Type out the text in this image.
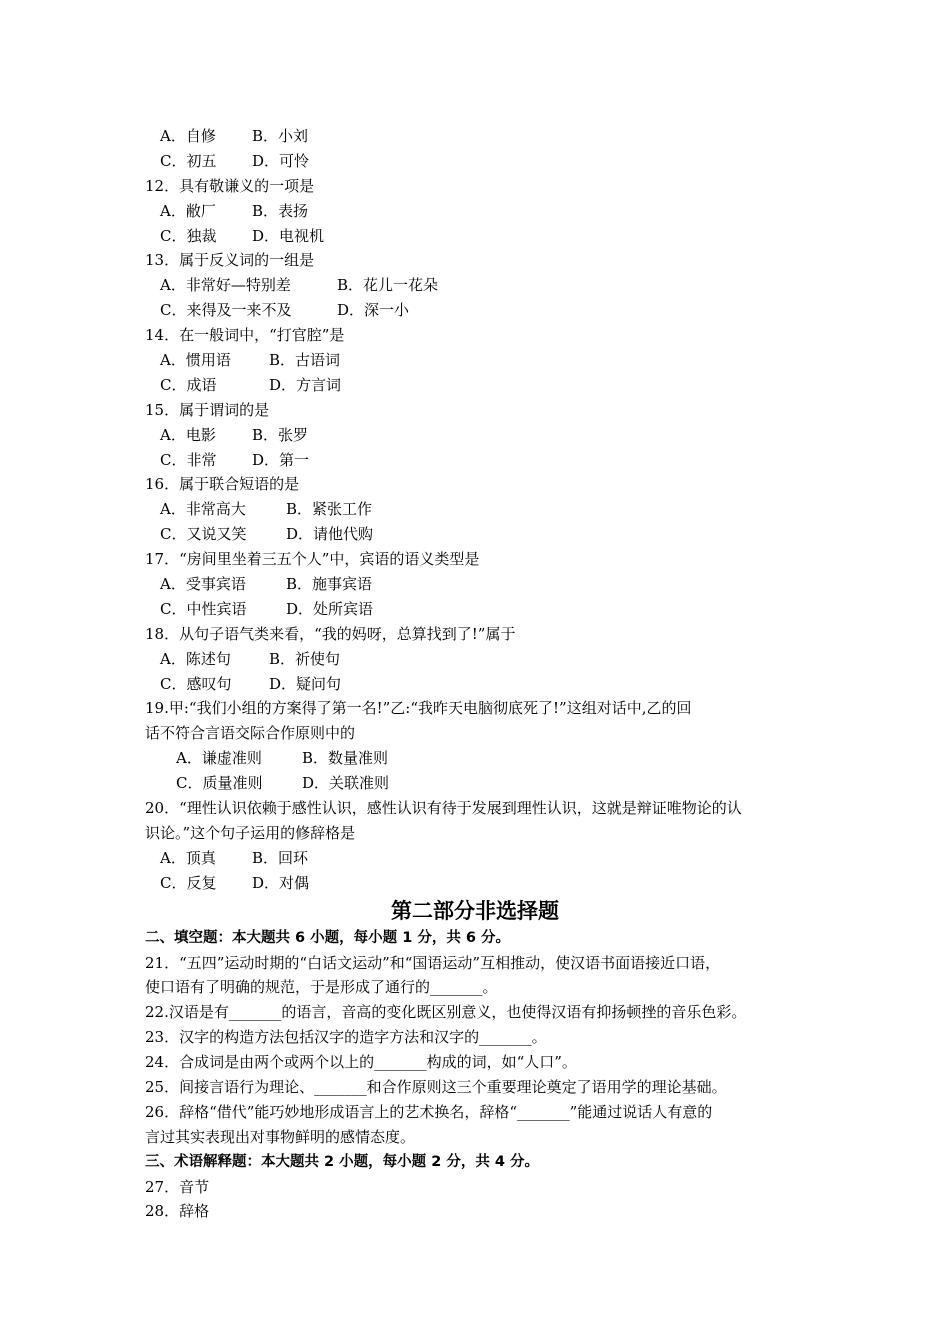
A．自修 B．小刘
C．初五 D．可怜
12．具有敬谦义的一项是
A．敝厂 B．表扬
C．独裁 D．电视机
13．属于反义词的一组是
A．非常好—特别差	B．花儿一花朵
C．来得及一来不及	D．深一小
14．在一般词中，“打官腔”是
A．惯用语	B．古语词
C．成语	D．方言词
15．属于谓词的是
A．电影 B．张罗
C．非常 D．第一
16．属于联合短语的是
A．非常高大	B．紧张工作
C．又说又笑	D．请他代购
17．“房间里坐着三五个人”中，宾语的语义类型是
A．受事宾语	B．施事宾语
C．中性宾语	D．处所宾语
18．从句子语气类来看，“我的妈呀，总算找到了!”属于
A．陈述句	B．祈使句
C．感叹句	D．疑问句
19.甲:“我们小组的方案得了第一名!”乙:“我昨天电脑彻底死了!”这组对话中,乙的回
话不符合言语交际合作原则中的
A．谦虚准则	B．数量准则
C．质量准则	D．关联准则
20．“理性认识依赖于感性认识，感性认识有待于发展到理性认识，这就是辩证唯物论的认
识论。”这个句子运用的修辞格是
A．顶真 B．回环
C．反复 D．对偶
第二部分非选择题
二、填空题：本大题共 6 小题，每小题 1 分，共 6 分。
21．“五四”运动时期的“白话文运动”和“国语运动”互相推动，使汉语书面语接近口语，
使口语有了明确的规范，于是形成了通行的_______。
22.汉语是有_______的语言，音高的变化既区别意义，也使得汉语有抑扬顿挫的音乐色彩。
23．汉字的构造方法包括汉字的造字方法和汉字的_______。
24．合成词是由两个或两个以上的_______构成的词，如“人口”。
25．间接言语行为理论、_______和合作原则这三个重要理论奠定了语用学的理论基础。
26．辞格“借代”能巧妙地形成语言上的艺术换名，辞格“_______”能通过说话人有意的
言过其实表现出对事物鲜明的感情态度。
三、术语解释题：本大题共 2 小题，每小题 2 分，共 4 分。
27．音节
28．辞格
